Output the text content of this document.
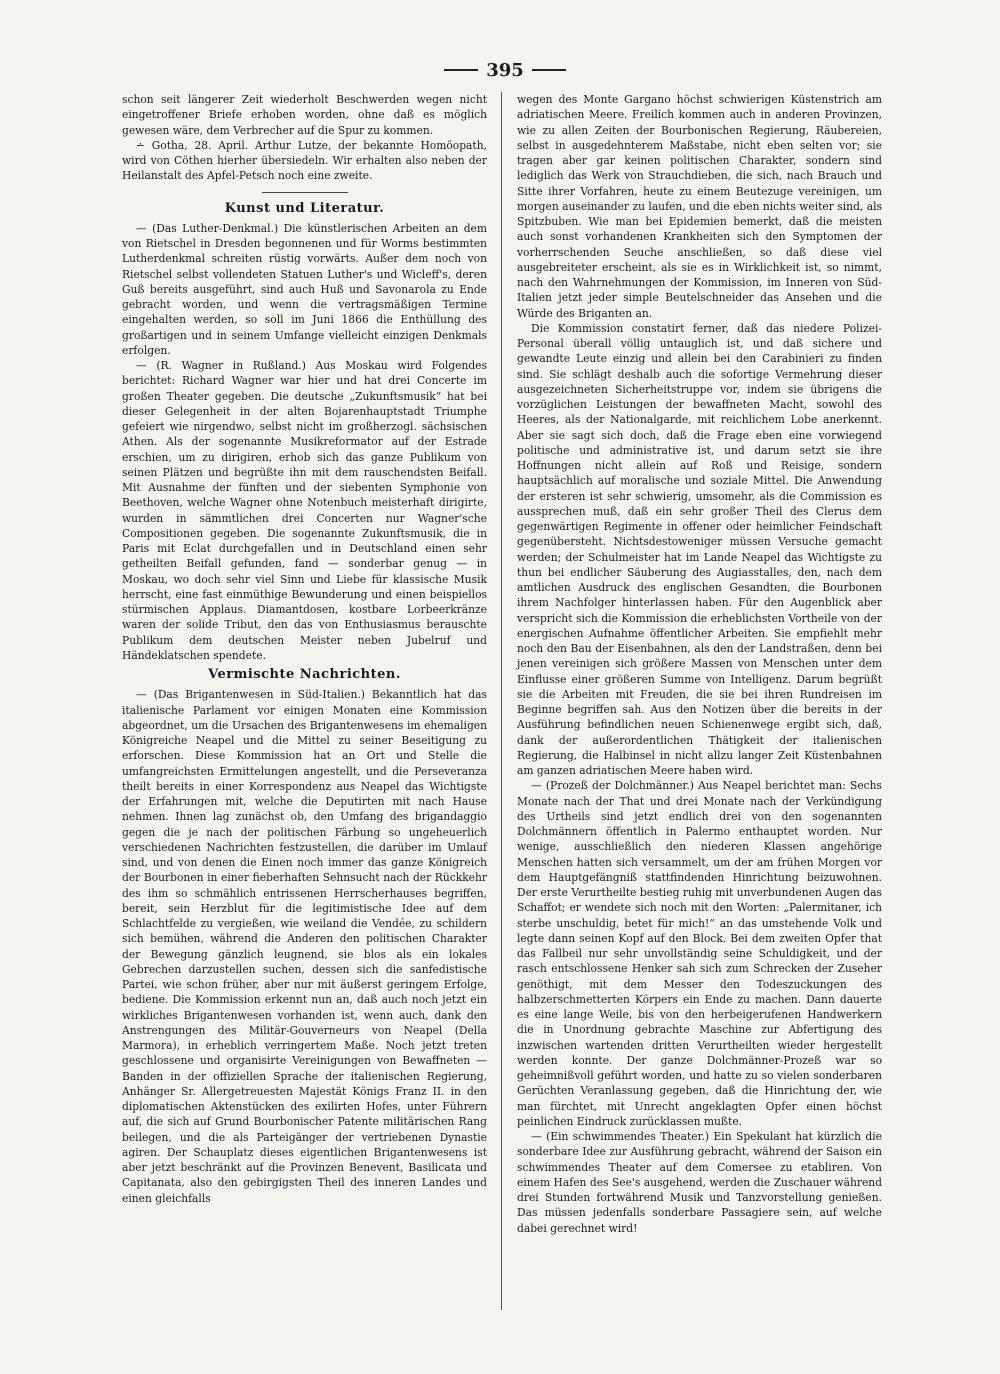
395

schon seit längerer Zeit wiederholt Beschwerden wegen nicht eingetroffener Briefe erhoben worden, ohne daß es möglich gewesen wäre, dem Verbrecher auf die Spur zu kommen.

∸ Gotha, 28. April. Arthur Lutze, der bekannte Homöopath, wird von Cöthen hierher übersiedeln. Wir erhalten also neben der Heilanstalt des Apfel-Petsch noch eine zweite.

Kunst und Literatur.

— (Das Luther-Denkmal.) Die künstlerischen Arbeiten an dem von Rietschel in Dresden begonnenen und für Worms bestimmten Lutherdenkmal schreiten rüstig vorwärts. Außer dem noch von Rietschel selbst vollendeten Statuen Luther's und Wicleff's, deren Guß bereits ausgeführt, sind auch Huß und Savonarola zu Ende gebracht worden, und wenn die vertragsmäßigen Termine eingehalten werden, so soll im Juni 1866 die Enthüllung des großartigen und in seinem Umfange vielleicht einzigen Denkmals erfolgen.

— (R. Wagner in Rußland.) Aus Moskau wird Folgendes berichtet: Richard Wagner war hier und hat drei Concerte im großen Theater gegeben. Die deutsche „Zukunftsmusik“ hat bei dieser Gelegenheit in der alten Bojarenhauptstadt Triumphe gefeiert wie nirgendwo, selbst nicht im großherzogl. sächsischen Athen. Als der sogenannte Musikreformator auf der Estrade erschien, um zu dirigiren, erhob sich das ganze Publikum von seinen Plätzen und begrüßte ihn mit dem rauschendsten Beifall. Mit Ausnahme der fünften und der siebenten Symphonie von Beethoven, welche Wagner ohne Notenbuch meisterhaft dirigirte, wurden in sämmtlichen drei Concerten nur Wagner'sche Compositionen gegeben. Die sogenannte Zukunftsmusik, die in Paris mit Eclat durchgefallen und in Deutschland einen sehr getheilten Beifall gefunden, fand — sonderbar genug — in Moskau, wo doch sehr viel Sinn und Liebe für klassische Musik herrscht, eine fast einmüthige Bewunderung und einen beispiellos stürmischen Applaus. Diamantdosen, kostbare Lorbeerkränze waren der solide Tribut, den das von Enthusiasmus berauschte Publikum dem deutschen Meister neben Jubelruf und Händeklatschen spendete.

Vermischte Nachrichten.

— (Das Brigantenwesen in Süd-Italien.) Bekanntlich hat das italienische Parlament vor einigen Monaten eine Kommission abgeordnet, um die Ursachen des Brigantenwesens im ehemaligen Königreiche Neapel und die Mittel zu seiner Beseitigung zu erforschen. Diese Kommission hat an Ort und Stelle die umfangreichsten Ermittelungen angestellt, und die Perseveranza theilt bereits in einer Korrespondenz aus Neapel das Wichtigste der Erfahrungen mit, welche die Deputirten mit nach Hause nehmen. Ihnen lag zunächst ob, den Umfang des brigandaggio gegen die je nach der politischen Färbung so ungeheuerlich verschiedenen Nachrichten festzustellen, die darüber im Umlauf sind, und von denen die Einen noch immer das ganze Königreich der Bourbonen in einer fieberhaften Sehnsucht nach der Rückkehr des ihm so schmählich entrissenen Herrscherhauses begriffen, bereit, sein Herzblut für die legitimistische Idee auf dem Schlachtfelde zu vergießen, wie weiland die Vendée, zu schildern sich bemühen, während die Anderen den politischen Charakter der Bewegung gänzlich leugnend, sie blos als ein lokales Gebrechen darzustellen suchen, dessen sich die sanfedistische Partei, wie schon früher, aber nur mit äußerst geringem Erfolge, bediene. Die Kommission erkennt nun an, daß auch noch jetzt ein wirkliches Brigantenwesen vorhanden ist, wenn auch, dank den Anstrengungen des Militär-Gouverneurs von Neapel (Della Marmora), in erheblich verringertem Maße. Noch jetzt treten geschlossene und organisirte Vereinigungen von Bewaffneten — Banden in der offiziellen Sprache der italienischen Regierung, Anhänger Sr. Allergetreuesten Majestät Königs Franz II. in den diplomatischen Aktenstücken des exilirten Hofes, unter Führern auf, die sich auf Grund Bourbonischer Patente militärischen Rang beilegen, und die als Parteigänger der vertriebenen Dynastie agiren. Der Schauplatz dieses eigentlichen Brigantenwesens ist aber jetzt beschränkt auf die Provinzen Benevent, Basilicata und Capitanata, also den gebirgigsten Theil des inneren Landes und einen gleichfalls

wegen des Monte Gargano höchst schwierigen Küstenstrich am adriatischen Meere. Freilich kommen auch in anderen Provinzen, wie zu allen Zeiten der Bourbonischen Regierung, Räubereien, selbst in ausgedehnterem Maßstabe, nicht eben selten vor; sie tragen aber gar keinen politischen Charakter, sondern sind lediglich das Werk von Strauchdieben, die sich, nach Brauch und Sitte ihrer Vorfahren, heute zu einem Beutezuge vereinigen, um morgen auseinander zu laufen, und die eben nichts weiter sind, als Spitzbuben. Wie man bei Epidemien bemerkt, daß die meisten auch sonst vorhandenen Krankheiten sich den Symptomen der vorherrschenden Seuche anschließen, so daß diese viel ausgebreiteter erscheint, als sie es in Wirklichkeit ist, so nimmt, nach den Wahrnehmungen der Kommission, im Inneren von Süd-Italien jetzt jeder simple Beutelschneider das Ansehen und die Würde des Briganten an.

Die Kommission constatirt ferner, daß das niedere Polizei-Personal überall völlig untauglich ist, und daß sichere und gewandte Leute einzig und allein bei den Carabinieri zu finden sind. Sie schlägt deshalb auch die sofortige Vermehrung dieser ausgezeichneten Sicherheitstruppe vor, indem sie übrigens die vorzüglichen Leistungen der bewaffneten Macht, sowohl des Heeres, als der Nationalgarde, mit reichlichem Lobe anerkennt. Aber sie sagt sich doch, daß die Frage eben eine vorwiegend politische und administrative ist, und darum setzt sie ihre Hoffnungen nicht allein auf Roß und Reisige, sondern hauptsächlich auf moralische und soziale Mittel. Die Anwendung der ersteren ist sehr schwierig, umsomehr, als die Commission es aussprechen muß, daß ein sehr großer Theil des Clerus dem gegenwärtigen Regimente in offener oder heimlicher Feindschaft gegenübersteht. Nichtsdestoweniger müssen Versuche gemacht werden; der Schulmeister hat im Lande Neapel das Wichtigste zu thun bei endlicher Säuberung des Augiasstalles, den, nach dem amtlichen Ausdruck des englischen Gesandten, die Bourbonen ihrem Nachfolger hinterlassen haben. Für den Augenblick aber verspricht sich die Kommission die erheblichsten Vortheile von der energischen Aufnahme öffentlicher Arbeiten. Sie empfiehlt mehr noch den Bau der Eisenbahnen, als den der Landstraßen, denn bei jenen vereinigen sich größere Massen von Menschen unter dem Einflusse einer größeren Summe von Intelligenz. Darum begrüßt sie die Arbeiten mit Freuden, die sie bei ihren Rundreisen im Beginne begriffen sah. Aus den Notizen über die bereits in der Ausführung befindlichen neuen Schienenwege ergibt sich, daß, dank der außerordentlichen Thätigkeit der italienischen Regierung, die Halbinsel in nicht allzu langer Zeit Küstenbahnen am ganzen adriatischen Meere haben wird.

— (Prozeß der Dolchmänner.) Aus Neapel berichtet man: Sechs Monate nach der That und drei Monate nach der Verkündigung des Urtheils sind jetzt endlich drei von den sogenannten Dolchmännern öffentlich in Palermo enthauptet worden. Nur wenige, ausschließlich den niederen Klassen angehörige Menschen hatten sich versammelt, um der am frühen Morgen vor dem Hauptgefängniß stattfindenden Hinrichtung beizuwohnen. Der erste Verurtheilte bestieg ruhig mit unverbundenen Augen das Schaffot; er wendete sich noch mit den Worten: „Palermitaner, ich sterbe unschuldig, betet für mich!“ an das umstehende Volk und legte dann seinen Kopf auf den Block. Bei dem zweiten Opfer that das Fallbeil nur sehr unvollständig seine Schuldigkeit, und der rasch entschlossene Henker sah sich zum Schrecken der Zuseher genöthigt, mit dem Messer den Todeszuckungen des halbzerschmetterten Körpers ein Ende zu machen. Dann dauerte es eine lange Weile, bis von den herbeigerufenen Handwerkern die in Unordnung gebrachte Maschine zur Abfertigung des inzwischen wartenden dritten Verurtheilten wieder hergestellt werden konnte. Der ganze Dolchmänner-Prozeß war so geheimnißvoll geführt worden, und hatte zu so vielen sonderbaren Gerüchten Veranlassung gegeben, daß die Hinrichtung der, wie man fürchtet, mit Unrecht angeklagten Opfer einen höchst peinlichen Eindruck zurücklassen mußte.

— (Ein schwimmendes Theater.) Ein Spekulant hat kürzlich die sonderbare Idee zur Ausführung gebracht, während der Saison ein schwimmendes Theater auf dem Comersee zu etabliren. Von einem Hafen des See's ausgehend, werden die Zuschauer während drei Stunden fortwährend Musik und Tanzvorstellung genießen. Das müssen jedenfalls sonderbare Passagiere sein, auf welche dabei gerechnet wird!
